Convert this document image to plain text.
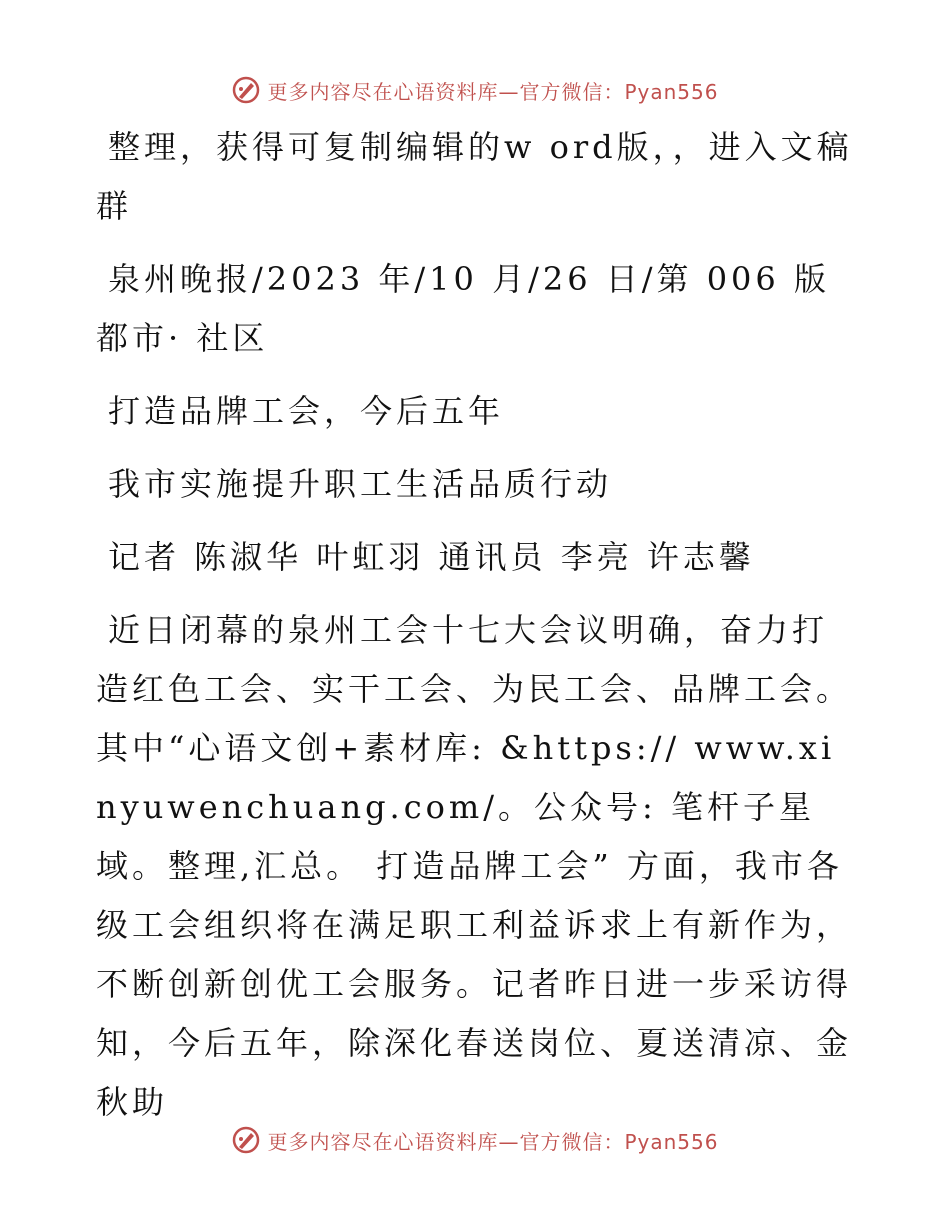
更多内容尽在心语资料库—官方微信：Pyan556

整理，获得可复制编辑的w ord版，，进入文稿群

泉州晚报/2023 年/10 月/26 日/第 006 版都市· 社区

打造品牌工会，今后五年

我市实施提升职工生活品质行动

记者 陈淑华 叶虹羽 通讯员 李亮 许志馨

近日闭幕的泉州工会十七大会议明确，奋力打造红色工会、实干工会、为民工会、品牌工会。其中“心语文创+素材库: &https:// www.xinyuwenchuang.com/。公众号: 笔杆子星域。整理,汇总。 打造品牌工会” 方面，我市各级工会组织将在满足职工利益诉求上有新作为，不断创新创优工会服务。记者昨日进一步采访得知，今后五年，除深化春送岗位、夏送清凉、金秋助

更多内容尽在心语资料库—官方微信：Pyan556
